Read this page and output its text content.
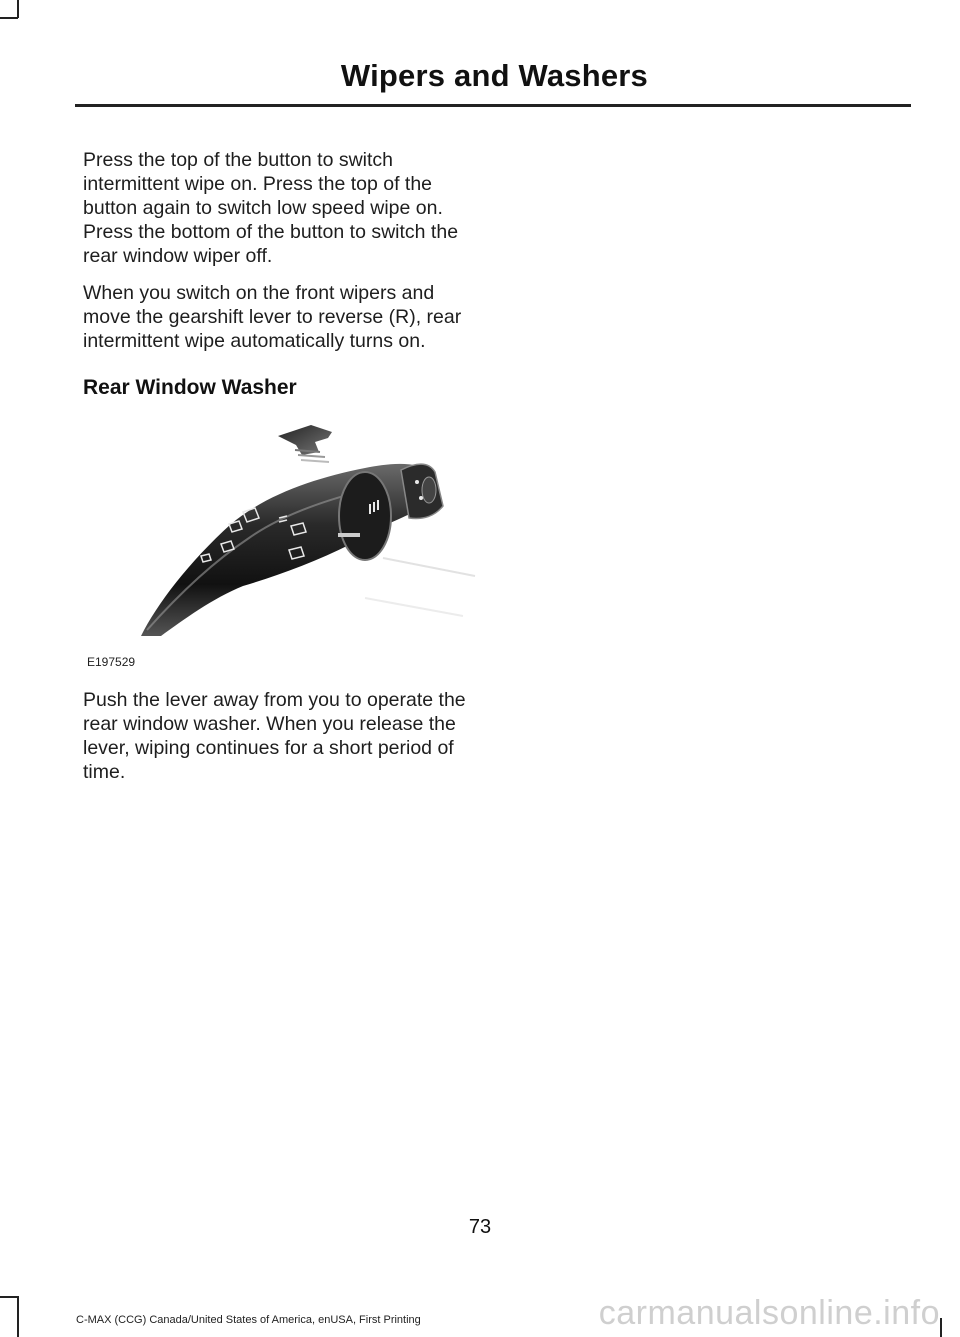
Wipers and Washers

Press the top of the button to switch intermittent wipe on. Press the top of the button again to switch low speed wipe on. Press the bottom of the button to switch the rear window wiper off.

When you switch on the front wipers and move the gearshift lever to reverse (R), rear intermittent wipe automatically turns on.

Rear Window Washer

E197529

Push the lever away from you to operate the rear window washer. When you release the lever, wiping continues for a short period of time.

73
C-MAX (CCG) Canada/United States of America, enUSA, First Printing	carmanualsonline.info
